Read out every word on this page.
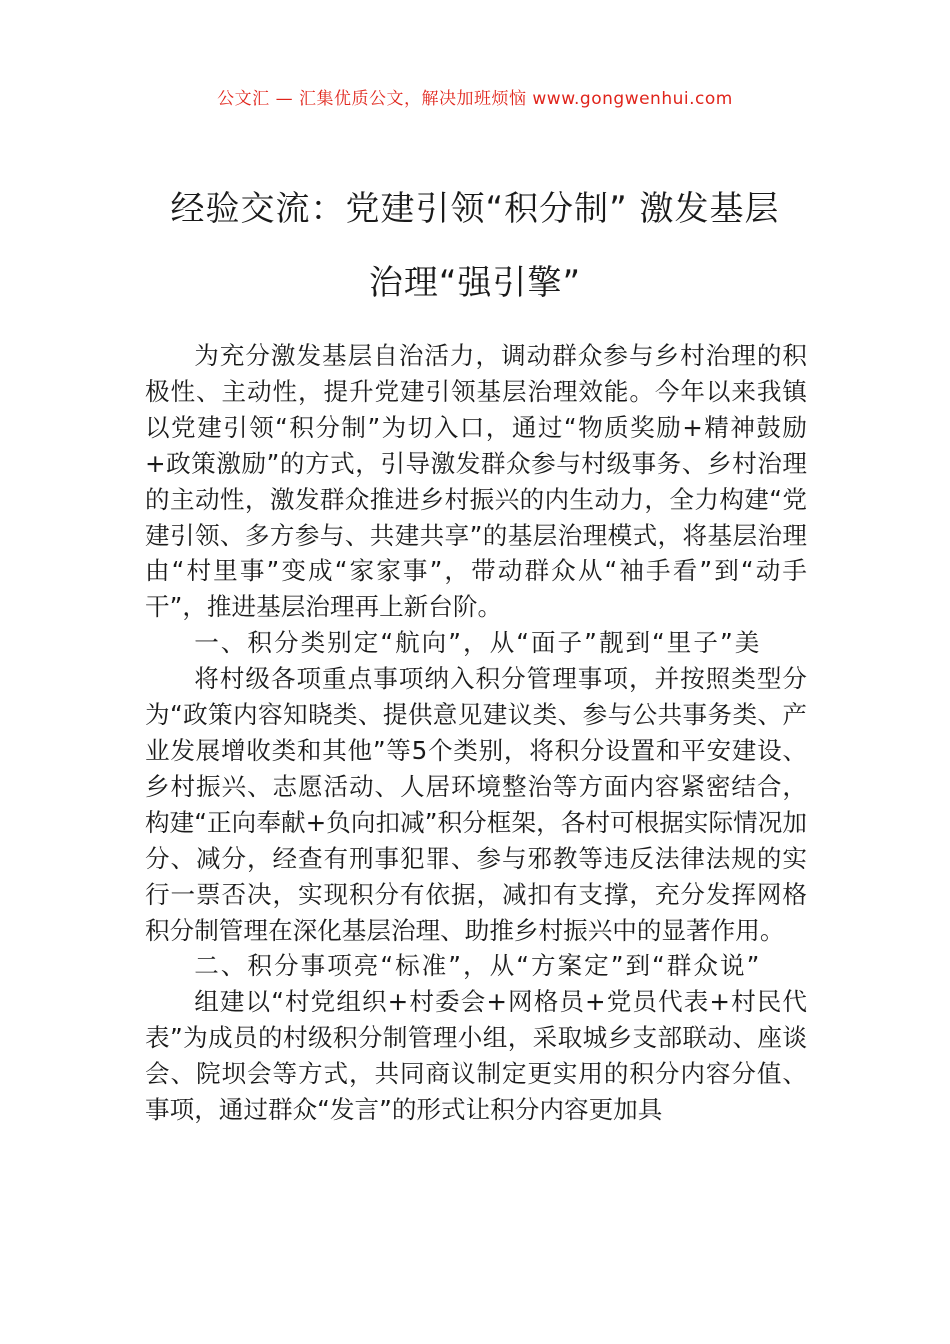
公文汇 — 汇集优质公文，解决加班烦恼 www.gongwenhui.com
经验交流：党建引领“积分制” 激发基层
治理“强引擎”

为充分激发基层自治活力，调动群众参与乡村治理的积极性、主动性，提升党建引领基层治理效能。今年以来我镇以党建引领“积分制”为切入口，通过“物质奖励+精神鼓励+政策激励”的方式，引导激发群众参与村级事务、乡村治理的主动性，激发群众推进乡村振兴的内生动力，全力构建“党建引领、多方参与、共建共享”的基层治理模式，将基层治理由“村里事”变成“家家事”，带动群众从“袖手看”到“动手干”，推进基层治理再上新台阶。

一、积分类别定“航向”，从“面子”靓到“里子”美

将村级各项重点事项纳入积分管理事项，并按照类型分为“政策内容知晓类、提供意见建议类、参与公共事务类、产业发展增收类和其他”等5个类别，将积分设置和平安建设、乡村振兴、志愿活动、人居环境整治等方面内容紧密结合，构建“正向奉献+负向扣减”积分框架，各村可根据实际情况加分、减分，经查有刑事犯罪、参与邪教等违反法律法规的实行一票否决，实现积分有依据，减扣有支撑，充分发挥网格积分制管理在深化基层治理、助推乡村振兴中的显著作用。

二、积分事项亮“标准”，从“方案定”到“群众说”

组建以“村党组织+村委会+网格员+党员代表+村民代表”为成员的村级积分制管理小组，采取城乡支部联动、座谈会、院坝会等方式，共同商议制定更实用的积分内容分值、事项，通过群众“发言”的形式让积分内容更加具
